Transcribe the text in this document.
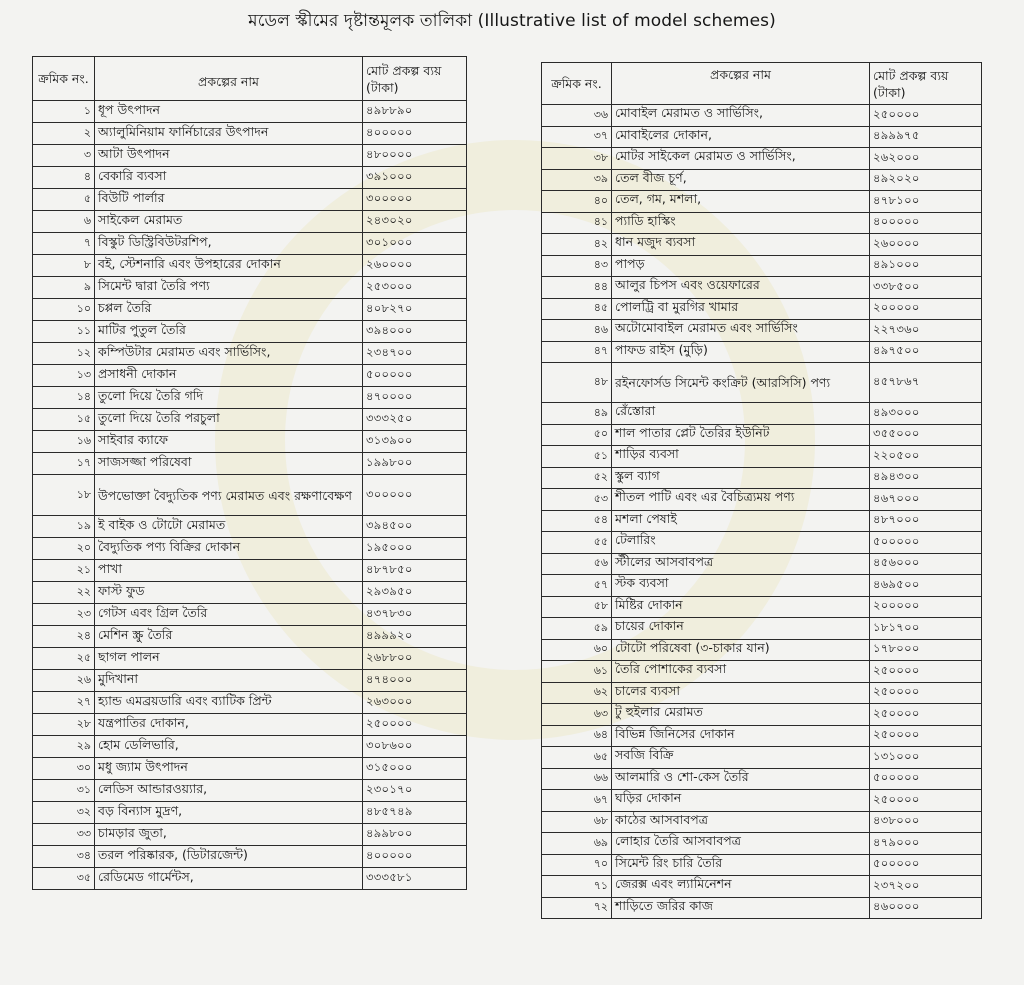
মডেল স্কীমের দৃষ্টান্তমূলক তালিকা (Illustrative list of model schemes)
ক্রমিক নং.	প্রকল্পের নাম	মোট প্রকল্প ব্যয় (টাকা)
১	ধূপ উৎপাদন	৪৯৮৮৯০
২	অ্যালুমিনিয়াম ফার্নিচারের উৎপাদন	৪০০০০০
৩	আটা উৎপাদন	৪৮০০০০
৪	বেকারি ব্যবসা	৩৯১০০০
৫	বিউটি পার্লার	৩০০০০০
৬	সাইকেল মেরামত	২৪৩০২০
৭	বিস্কুট ডিস্ট্রিবিউটরশিপ,	৩০১০০০
৮	বই, স্টেশনারি এবং উপহারের দোকান	২৬০০০০
৯	সিমেন্ট দ্বারা তৈরি পণ্য	২৫৩০০০
১০	চপ্পল তৈরি	৪০৮২৭০
১১	মাটির পুতুল তৈরি	৩৯৪০০০
১২	কম্পিউটার মেরামত এবং সার্ভিসিং,	২৩৪৭০০
১৩	প্রসাধনী দোকান	৫০০০০০
১৪	তুলো দিয়ে তৈরি গদি	৪৭০০০০
১৫	তুলো দিয়ে তৈরি পরচুলা	৩৩৩২৫০
১৬	সাইবার ক্যাফে	৩১৩৯০০
১৭	সাজসজ্জা পরিষেবা	১৯৯৮০০
১৮	উপভোক্তা বৈদ্যুতিক পণ্য মেরামত এবং রক্ষণাবেক্ষণ	৩০০০০০
১৯	ই বাইক ও টোটো মেরামত	৩৯৪৫০০
২০	বৈদ্যুতিক পণ্য বিক্রির দোকান	১৯৫০০০
২১	পাখা	৪৮৭৮৫০
২২	ফাস্ট ফুড	২৯৩৯৫০
২৩	গেটস এবং গ্রিল তৈরি	৪৩৭৮৩০
২৪	মেশিন স্ক্রু তৈরি	৪৯৯৯২০
২৫	ছাগল পালন	২৬৮৮০০
২৬	মুদিখানা	৪৭৪০০০
২৭	হ্যান্ড এমব্রয়ডারি এবং ব্যাটিক প্রিন্ট	২৬৩০০০
২৮	যন্ত্রপাতির দোকান,	২৫০০০০
২৯	হোম ডেলিভারি,	৩০৮৬০০
৩০	মধু জ্যাম উৎপাদন	৩১৫০০০
৩১	লেডিস আন্ডারওয়্যার,	২৩০১৭০
৩২	বড় বিন্যাস মুদ্রণ,	৪৮৫৭৪৯
৩৩	চামড়ার জুতা,	৪৯৯৮০০
৩৪	তরল পরিষ্কারক, (ডিটারজেন্ট)	৪০০০০০
৩৫	রেডিমেড গার্মেন্টস,	৩৩৩৫৮১
ক্রমিক নং.	প্রকল্পের নাম	মোট প্রকল্প ব্যয় (টাকা)
৩৬	মোবাইল মেরামত ও সার্ভিসিং,	২৫০০০০
৩৭	মোবাইলের দোকান,	৪৯৯৯৭৫
৩৮	মোটর সাইকেল মেরামত ও সার্ভিসিং,	২৬২০০০
৩৯	তেল বীজ চূর্ণ,	৪৯২০২০
৪০	তেল, গম, মশলা,	৪৭৮১০০
৪১	প্যাডি হাস্কিং	৪০০০০০
৪২	ধান মজুদ ব্যবসা	২৬০০০০
৪৩	পাপড়	৪৯১০০০
৪৪	আলুর চিপস এবং ওয়েফারের	৩৩৮৫০০
৪৫	পোলট্রি বা মুরগির খামার	২০০০০০
৪৬	অটোমোবাইল মেরামত এবং সার্ভিসিং	২২৭৩৬০
৪৭	পাফড রাইস (মুড়ি)	৪৯৭৫০০
৪৮	রইনফোর্সড সিমেন্ট কংক্রিট (আরসিসি) পণ্য	৪৫৭৮৬৭
৪৯	রেঁস্তোরা	৪৯৩০০০
৫০	শাল পাতার প্লেট তৈরির ইউনিট	৩৫৫০০০
৫১	শাড়ির ব্যবসা	২২০৫০০
৫২	স্কুল ব্যাগ	৪৯৪৩০০
৫৩	শীতল পাটি এবং এর বৈচিত্র্যময় পণ্য	৪৬৭০০০
৫৪	মশলা পেষাই	৪৮৭০০০
৫৫	টেলারিং	৫০০০০০
৫৬	স্টীলের আসবাবপত্র	৪৫৬০০০
৫৭	স্টক ব্যবসা	৪৬৯৫০০
৫৮	মিষ্টির দোকান	২০০০০০
৫৯	চায়ের দোকান	১৮১৭০০
৬০	টোটো পরিষেবা (৩-চাকার যান)	১৭৮০০০
৬১	তৈরি পোশাকের ব্যবসা	২৫০০০০
৬২	চালের ব্যবসা	২৫০০০০
৬৩	টু হুইলার মেরামত	২৫০০০০
৬৪	বিভিন্ন জিনিসের দোকান	২৫০০০০
৬৫	সবজি বিক্রি	১৩১০০০
৬৬	আলমারি ও শো-কেস তৈরি	৫০০০০০
৬৭	ঘড়ির দোকান	২৫০০০০
৬৮	কাঠের আসবাবপত্র	৪৩৮০০০
৬৯	লোহার তৈরি আসবাবপত্র	৪৭৯০০০
৭০	সিমেন্ট রিং চারি তৈরি	৫০০০০০
৭১	জেরক্স এবং ল্যামিনেশন	২৩৭২০০
৭২	শাড়িতে জরির কাজ	৪৬০০০০
